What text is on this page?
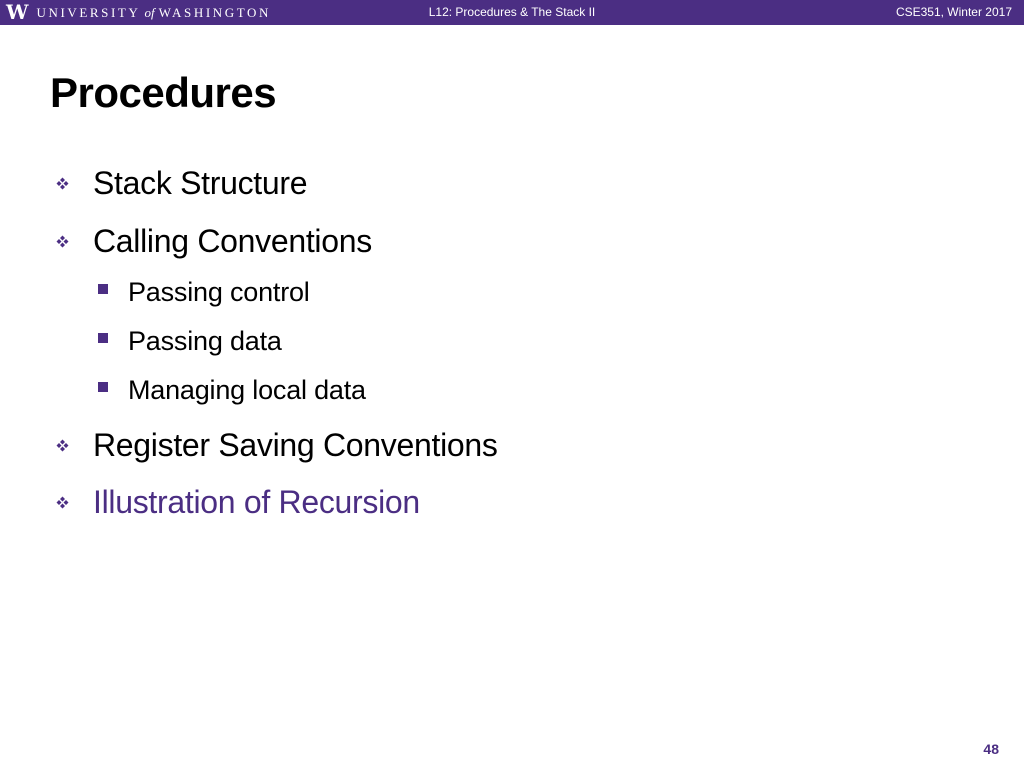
W UNIVERSITY of WASHINGTON	L12: Procedures & The Stack II	CSE351, Winter 2017
Procedures
Stack Structure
Calling Conventions
Passing control
Passing data
Managing local data
Register Saving Conventions
Illustration of Recursion
48
